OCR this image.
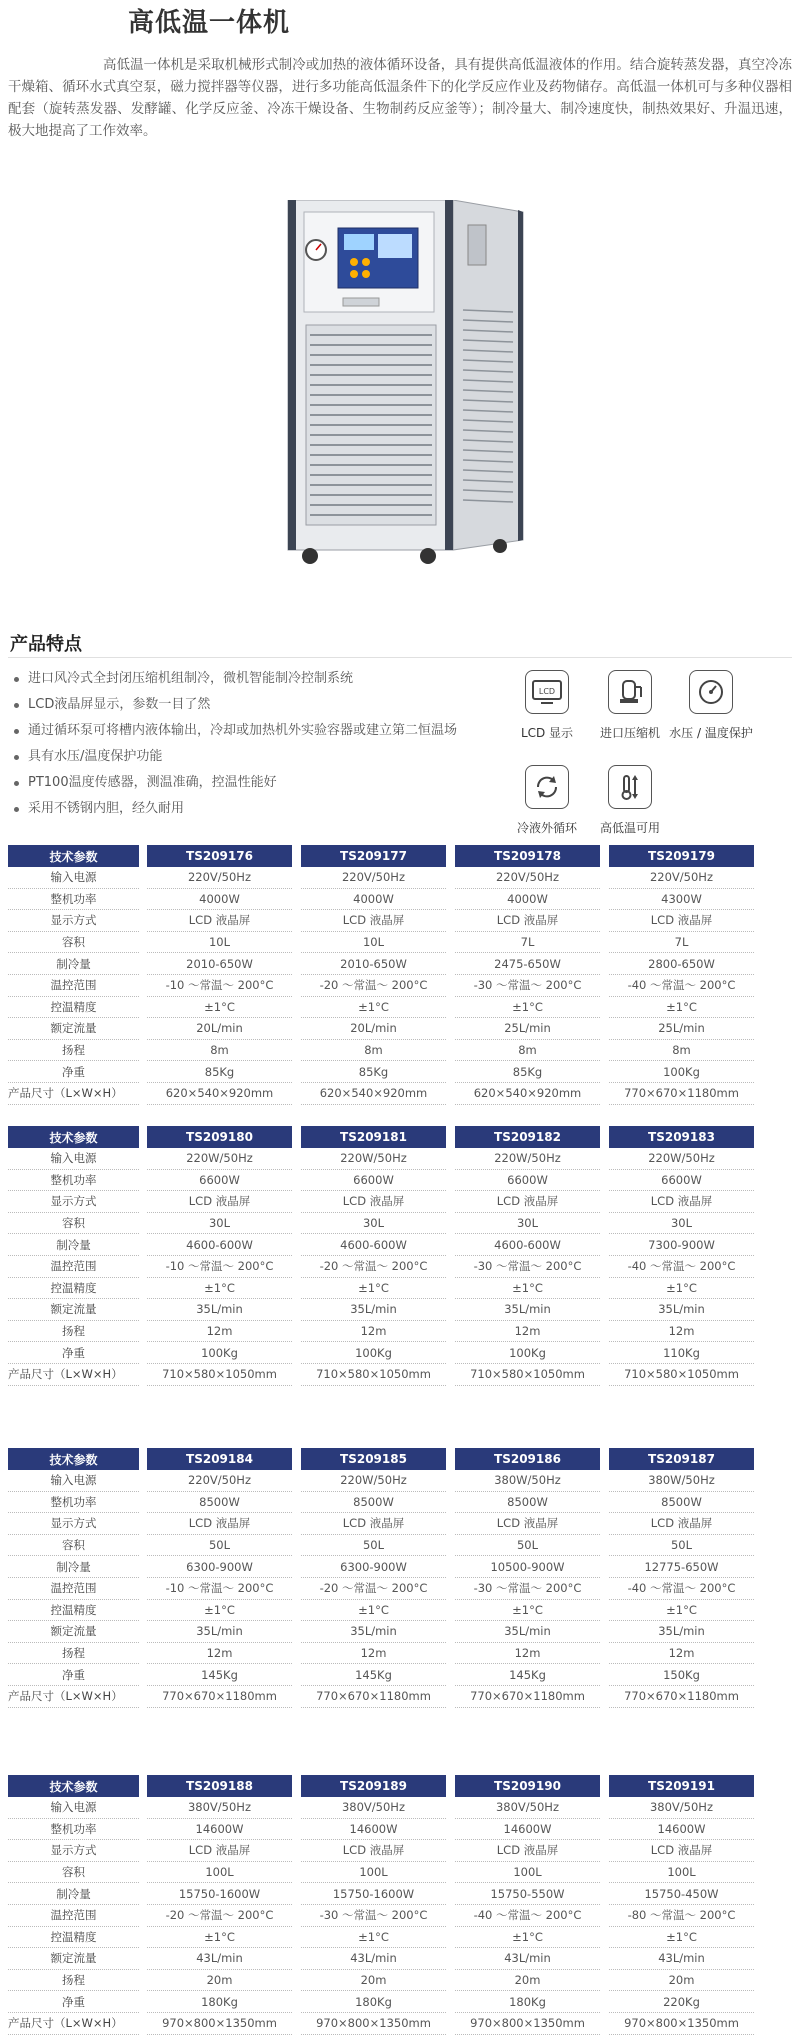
高低温一体机
高低温一体机是采取机械形式制冷或加热的液体循环设备，具有提供高低温液体的作用。结合旋转蒸发器，真空冷冻干燥箱、循环水式真空泵，磁力搅拌器等仪器，进行多功能高低温条件下的化学反应作业及药物储存。高低温一体机可与多种仪器相配套（旋转蒸发器、发酵罐、化学反应釜、冷冻干燥设备、生物制药反应釜等）；制冷量大、制冷速度快，制热效果好、升温迅速，极大地提高了工作效率。
产品特点
进口风冷式全封闭压缩机组制冷，微机智能制冷控制系统
LCD液晶屏显示，参数一目了然
通过循环泵可将槽内液体输出，冷却或加热机外实验容器或建立第二恒温场
具有水压/温度保护功能
PT100温度传感器，测温准确，控温性能好
采用不锈钢内胆，经久耐用
LCD
LCD 显示	进口压缩机 水压 / 温度保护
冷液外循环	高低温可用
技术参数		TS209176		TS209177		TS209178		TS209179
输入电源		220V/50Hz		220V/50Hz		220V/50Hz		220V/50Hz
整机功率		4000W		4000W		4000W		4300W
显示方式		LCD 液晶屏		LCD 液晶屏		LCD 液晶屏		LCD 液晶屏
容积		10L		10L		7L		7L
制冷量		2010-650W		2010-650W		2475-650W		2800-650W
温控范围		-10 ～常温～ 200°C		-20 ～常温～ 200°C		-30 ～常温～ 200°C		-40 ～常温～ 200°C
控温精度		±1°C		±1°C		±1°C		±1°C
额定流量		20L/min		20L/min		25L/min		25L/min
扬程		8m		8m		8m		8m
净重		85Kg		85Kg		85Kg		100Kg
产品尺寸（L×W×H）		620×540×920mm		620×540×920mm		620×540×920mm		770×670×1180mm
技术参数		TS209180		TS209181		TS209182		TS209183
输入电源		220W/50Hz		220W/50Hz		220W/50Hz		220W/50Hz
整机功率		6600W		6600W		6600W		6600W
显示方式		LCD 液晶屏		LCD 液晶屏		LCD 液晶屏		LCD 液晶屏
容积		30L		30L		30L		30L
制冷量		4600-600W		4600-600W		4600-600W		7300-900W
温控范围		-10 ～常温～ 200°C		-20 ～常温～ 200°C		-30 ～常温～ 200°C		-40 ～常温～ 200°C
控温精度		±1°C		±1°C		±1°C		±1°C
额定流量		35L/min		35L/min		35L/min		35L/min
扬程		12m		12m		12m		12m
净重		100Kg		100Kg		100Kg		110Kg
产品尺寸（L×W×H）		710×580×1050mm		710×580×1050mm		710×580×1050mm		710×580×1050mm
技术参数		TS209184		TS209185		TS209186		TS209187
输入电源		220V/50Hz		220W/50Hz		380W/50Hz		380W/50Hz
整机功率		8500W		8500W		8500W		8500W
显示方式		LCD 液晶屏		LCD 液晶屏		LCD 液晶屏		LCD 液晶屏
容积		50L		50L		50L		50L
制冷量		6300-900W		6300-900W		10500-900W		12775-650W
温控范围		-10 ～常温～ 200°C		-20 ～常温～ 200°C		-30 ～常温～ 200°C		-40 ～常温～ 200°C
控温精度		±1°C		±1°C		±1°C		±1°C
额定流量		35L/min		35L/min		35L/min		35L/min
扬程		12m		12m		12m		12m
净重		145Kg		145Kg		145Kg		150Kg
产品尺寸（L×W×H）		770×670×1180mm		770×670×1180mm		770×670×1180mm		770×670×1180mm
技术参数		TS209188		TS209189		TS209190		TS209191
输入电源		380V/50Hz		380V/50Hz		380V/50Hz		380V/50Hz
整机功率		14600W		14600W		14600W		14600W
显示方式		LCD 液晶屏		LCD 液晶屏		LCD 液晶屏		LCD 液晶屏
容积		100L		100L		100L		100L
制冷量		15750-1600W		15750-1600W		15750-550W		15750-450W
温控范围		-20 ～常温～ 200°C		-30 ～常温～ 200°C		-40 ～常温～ 200°C		-80 ～常温～ 200°C
控温精度		±1°C		±1°C		±1°C		±1°C
额定流量		43L/min		43L/min		43L/min		43L/min
扬程		20m		20m		20m		20m
净重		180Kg		180Kg		180Kg		220Kg
产品尺寸（L×W×H）		970×800×1350mm		970×800×1350mm		970×800×1350mm		970×800×1350mm
